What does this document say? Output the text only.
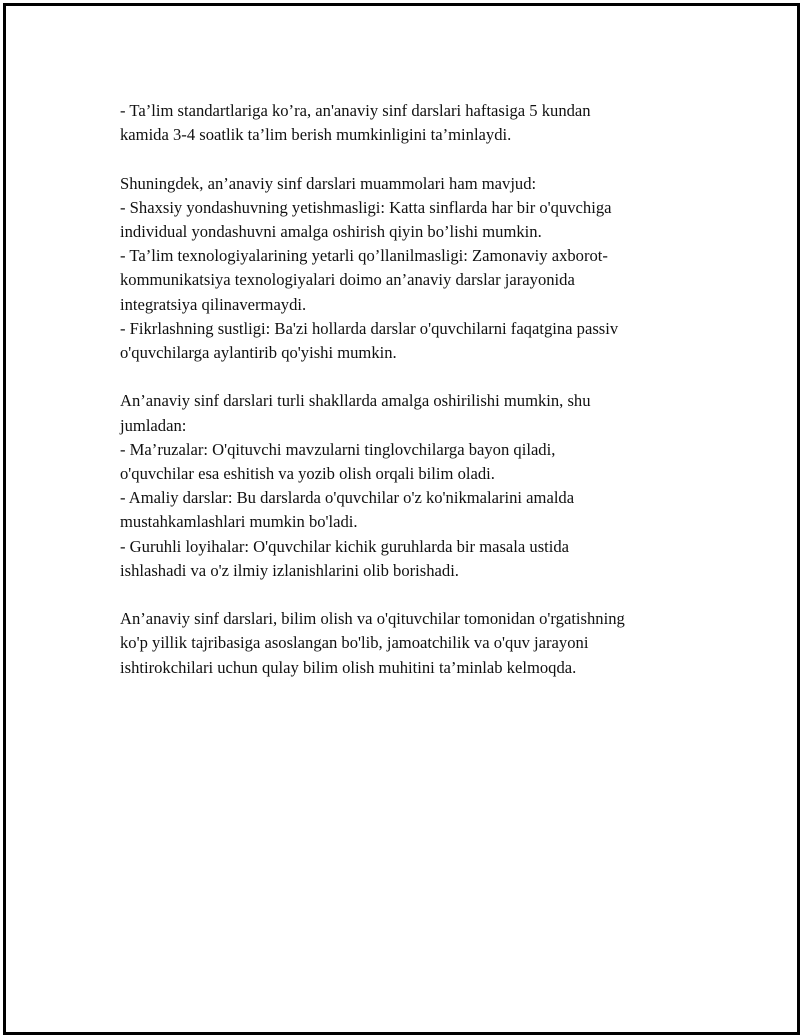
- Ta’lim standartlariga ko’ra, an'anaviy sinf darslari haftasiga 5 kundan
kamida 3-4 soatlik ta’lim berish mumkinligini ta’minlaydi.
Shuningdek, an’anaviy sinf darslari muammolari ham mavjud:
- Shaxsiy yondashuvning yetishmasligi: Katta sinflarda har bir o'quvchiga
individual yondashuvni amalga oshirish qiyin bo’lishi mumkin.
- Ta’lim texnologiyalarining yetarli qo’llanilmasligi: Zamonaviy axborot-
kommunikatsiya texnologiyalari doimo an’anaviy darslar jarayonida
integratsiya qilinavermaydi.
- Fikrlashning sustligi: Ba'zi hollarda darslar o'quvchilarni faqatgina passiv
o'quvchilarga aylantirib qo'yishi mumkin.
An’anaviy sinf darslari turli shakllarda amalga oshirilishi mumkin, shu
jumladan:
- Ma’ruzalar: O'qituvchi mavzularni tinglovchilarga bayon qiladi,
o'quvchilar esa eshitish va yozib olish orqali bilim oladi.
- Amaliy darslar: Bu darslarda o'quvchilar o'z ko'nikmalarini amalda
mustahkamlashlari mumkin bo'ladi.
- Guruhli loyihalar: O'quvchilar kichik guruhlarda bir masala ustida
ishlashadi va o'z ilmiy izlanishlarini olib borishadi.
An’anaviy sinf darslari, bilim olish va o'qituvchilar tomonidan o'rgatishning
ko'p yillik tajribasiga asoslangan bo'lib, jamoatchilik va o'quv jarayoni
ishtirokchilari uchun qulay bilim olish muhitini ta’minlab kelmoqda.
